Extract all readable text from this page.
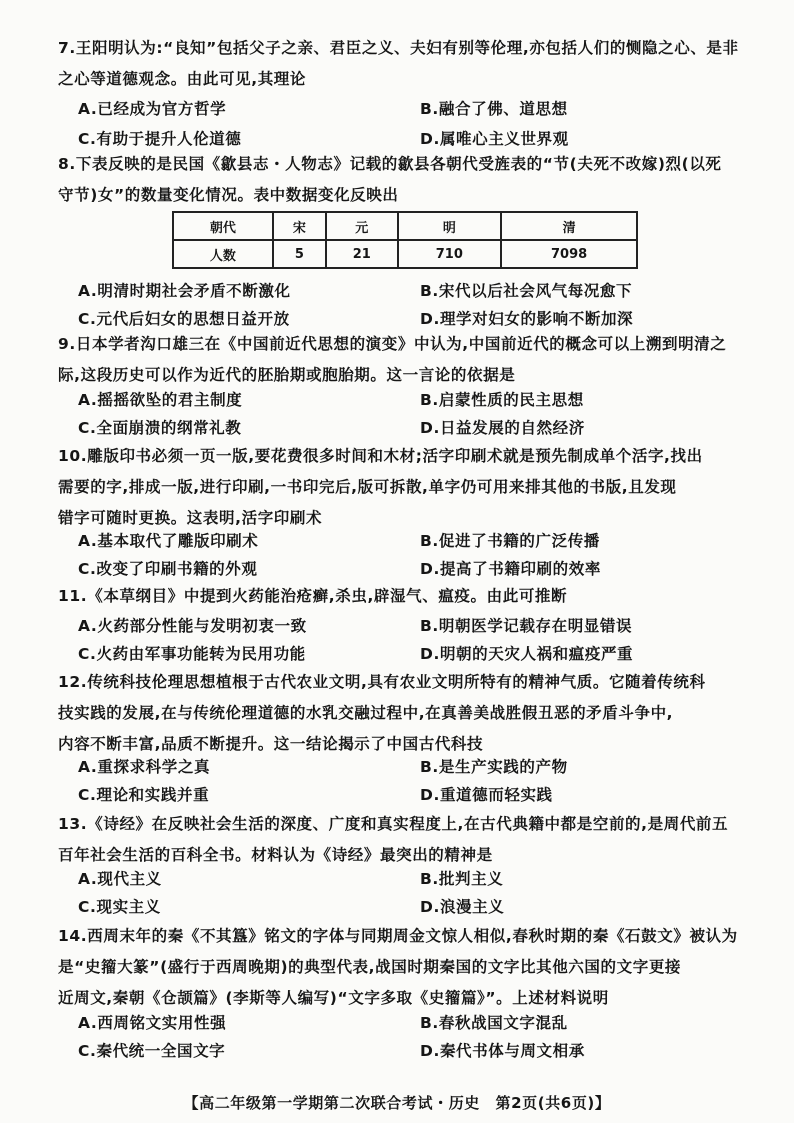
7.王阳明认为:“良知”包括父子之亲、君臣之义、夫妇有别等伦理,亦包括人们的恻隐之心、是非
之心等道德观念。由此可见,其理论
A.已经成为官方哲学	B.融合了佛、道思想
C.有助于提升人伦道德	D.属唯心主义世界观
8.下表反映的是民国《歙县志・人物志》记载的歙县各朝代受旌表的“节(夫死不改嫁)烈(以死
守节)女”的数量变化情况。表中数据变化反映出
朝代	宋	元	明	清
人数	5	21	710	7098
A.明清时期社会矛盾不断激化	B.宋代以后社会风气每况愈下
C.元代后妇女的思想日益开放	D.理学对妇女的影响不断加深
9.日本学者沟口雄三在《中国前近代思想的演变》中认为,中国前近代的概念可以上溯到明清之
际,这段历史可以作为近代的胚胎期或胞胎期。这一言论的依据是
A.摇摇欲坠的君主制度	B.启蒙性质的民主思想
C.全面崩溃的纲常礼教	D.日益发展的自然经济
10.雕版印书必须一页一版,要花费很多时间和木材;活字印刷术就是预先制成单个活字,找出
需要的字,排成一版,进行印刷,一书印完后,版可拆散,单字仍可用来排其他的书版,且发现
错字可随时更换。这表明,活字印刷术
A.基本取代了雕版印刷术	B.促进了书籍的广泛传播
C.改变了印刷书籍的外观	D.提高了书籍印刷的效率
11.《本草纲目》中提到火药能治疮癣,杀虫,辟湿气、瘟疫。由此可推断
A.火药部分性能与发明初衷一致	B.明朝医学记载存在明显错误
C.火药由军事功能转为民用功能	D.明朝的天灾人祸和瘟疫严重
12.传统科技伦理思想植根于古代农业文明,具有农业文明所特有的精神气质。它随着传统科
技实践的发展,在与传统伦理道德的水乳交融过程中,在真善美战胜假丑恶的矛盾斗争中,
内容不断丰富,品质不断提升。这一结论揭示了中国古代科技
A.重探求科学之真	B.是生产实践的产物
C.理论和实践并重	D.重道德而轻实践
13.《诗经》在反映社会生活的深度、广度和真实程度上,在古代典籍中都是空前的,是周代前五
百年社会生活的百科全书。材料认为《诗经》最突出的精神是
A.现代主义	B.批判主义
C.现实主义	D.浪漫主义
14.西周末年的秦《不其簋》铭文的字体与同期周金文惊人相似,春秋时期的秦《石鼓文》被认为
是“史籀大篆”(盛行于西周晚期)的典型代表,战国时期秦国的文字比其他六国的文字更接
近周文,秦朝《仓颉篇》(李斯等人编写)“文字多取《史籀篇》”。上述材料说明
A.西周铭文实用性强	B.春秋战国文字混乱
C.秦代统一全国文字	D.秦代书体与周文相承
【高二年级第一学期第二次联合考试・历史　第2页(共6页)】
